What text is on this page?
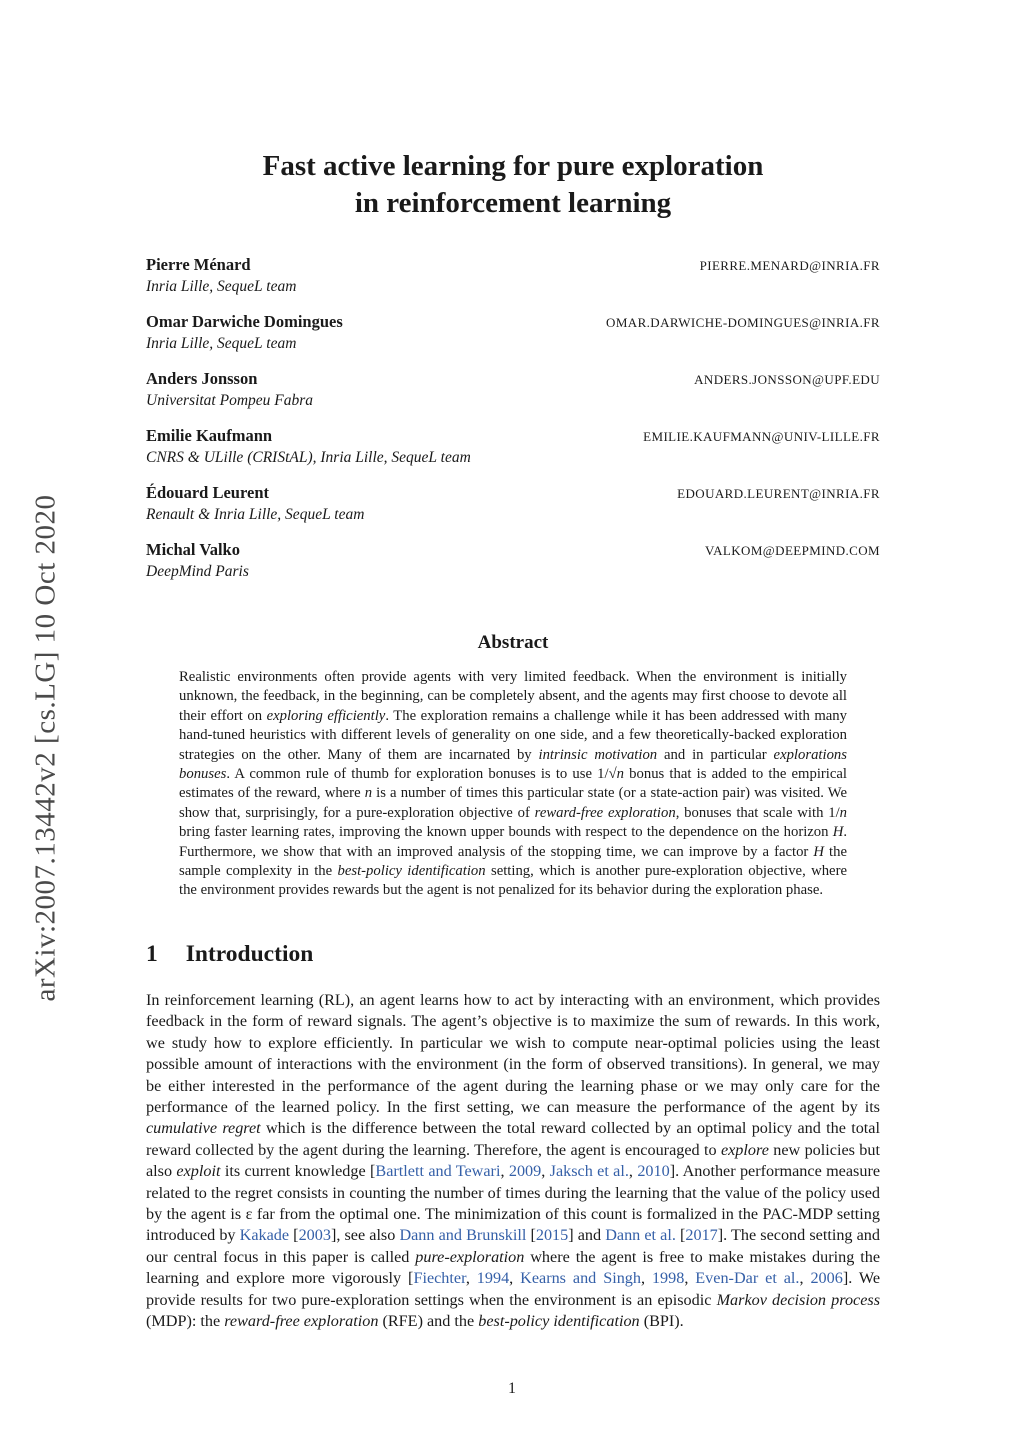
arXiv:2007.13442v2 [cs.LG] 10 Oct 2020
Fast active learning for pure exploration
in reinforcement learning
Pierre Ménard
Inria Lille, SequeL team
PIERRE.MENARD@INRIA.FR
Omar Darwiche Domingues
Inria Lille, SequeL team
OMAR.DARWICHE-DOMINGUES@INRIA.FR
Anders Jonsson
Universitat Pompeu Fabra
ANDERS.JONSSON@UPF.EDU
Emilie Kaufmann
CNRS & ULille (CRIStAL), Inria Lille, SequeL team
EMILIE.KAUFMANN@UNIV-LILLE.FR
Édouard Leurent
Renault & Inria Lille, SequeL team
EDOUARD.LEURENT@INRIA.FR
Michal Valko
DeepMind Paris
VALKOM@DEEPMIND.COM
Abstract
Realistic environments often provide agents with very limited feedback. When the environment is initially unknown, the feedback, in the beginning, can be completely absent, and the agents may first choose to devote all their effort on exploring efficiently. The exploration remains a challenge while it has been addressed with many hand-tuned heuristics with different levels of generality on one side, and a few theoretically-backed exploration strategies on the other. Many of them are incarnated by intrinsic motivation and in particular explorations bonuses. A common rule of thumb for exploration bonuses is to use 1/√n bonus that is added to the empirical estimates of the reward, where n is a number of times this particular state (or a state-action pair) was visited. We show that, surprisingly, for a pure-exploration objective of reward-free exploration, bonuses that scale with 1/n bring faster learning rates, improving the known upper bounds with respect to the dependence on the horizon H. Furthermore, we show that with an improved analysis of the stopping time, we can improve by a factor H the sample complexity in the best-policy identification setting, which is another pure-exploration objective, where the environment provides rewards but the agent is not penalized for its behavior during the exploration phase.
1 Introduction
In reinforcement learning (RL), an agent learns how to act by interacting with an environment, which provides feedback in the form of reward signals. The agent’s objective is to maximize the sum of rewards. In this work, we study how to explore efficiently. In particular we wish to compute near-optimal policies using the least possible amount of interactions with the environment (in the form of observed transitions). In general, we may be either interested in the performance of the agent during the learning phase or we may only care for the performance of the learned policy. In the first setting, we can measure the performance of the agent by its cumulative regret which is the difference between the total reward collected by an optimal policy and the total reward collected by the agent during the learning. Therefore, the agent is encouraged to explore new policies but also exploit its current knowledge [Bartlett and Tewari, 2009, Jaksch et al., 2010]. Another performance measure related to the regret consists in counting the number of times during the learning that the value of the policy used by the agent is ε far from the optimal one. The minimization of this count is formalized in the PAC-MDP setting introduced by Kakade [2003], see also Dann and Brunskill [2015] and Dann et al. [2017]. The second setting and our central focus in this paper is called pure-exploration where the agent is free to make mistakes during the learning and explore more vigorously [Fiechter, 1994, Kearns and Singh, 1998, Even-Dar et al., 2006]. We provide results for two pure-exploration settings when the environment is an episodic Markov decision process (MDP): the reward-free exploration (RFE) and the best-policy identification (BPI).
1
